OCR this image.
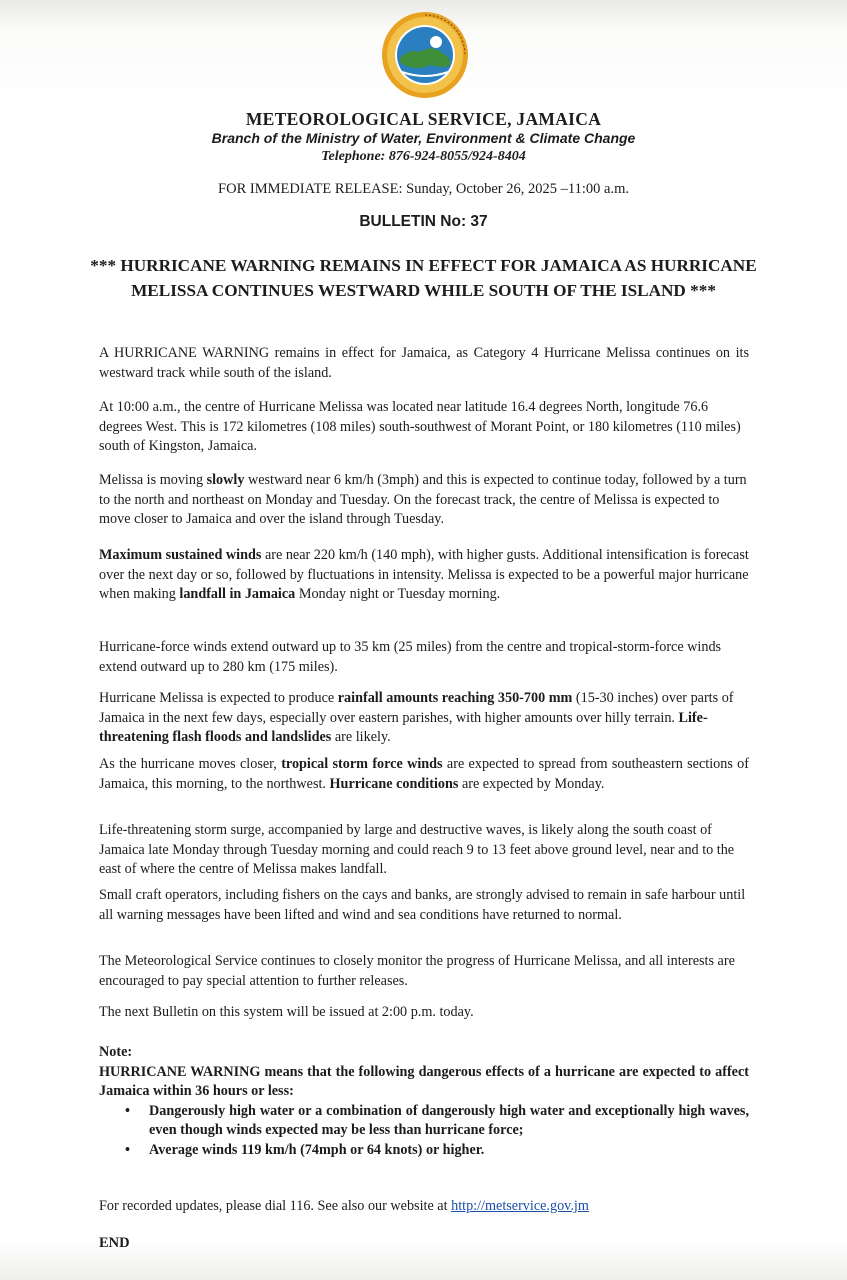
METEOROLOGICAL SERVICE, JAMAICA
Branch of the Ministry of Water, Environment & Climate Change
Telephone: 876-924-8055/924-8404
FOR IMMEDIATE RELEASE: Sunday, October 26, 2025 –11:00 a.m.
BULLETIN No: 37
*** HURRICANE WARNING REMAINS IN EFFECT FOR JAMAICA AS HURRICANE MELISSA CONTINUES WESTWARD WHILE SOUTH OF THE ISLAND ***
A HURRICANE WARNING remains in effect for Jamaica, as Category 4 Hurricane Melissa continues on its westward track while south of the island.
At 10:00 a.m., the centre of Hurricane Melissa was located near latitude 16.4 degrees North, longitude 76.6 degrees West. This is 172 kilometres (108 miles) south-southwest of Morant Point, or 180 kilometres (110 miles) south of Kingston, Jamaica.
Melissa is moving slowly westward near 6 km/h (3mph) and this is expected to continue today, followed by a turn to the north and northeast on Monday and Tuesday. On the forecast track, the centre of Melissa is expected to move closer to Jamaica and over the island through Tuesday.
Maximum sustained winds are near 220 km/h (140 mph), with higher gusts. Additional intensification is forecast over the next day or so, followed by fluctuations in intensity. Melissa is expected to be a powerful major hurricane when making landfall in Jamaica Monday night or Tuesday morning.
Hurricane-force winds extend outward up to 35 km (25 miles) from the centre and tropical-storm-force winds extend outward up to 280 km (175 miles).
Hurricane Melissa is expected to produce rainfall amounts reaching 350-700 mm (15-30 inches) over parts of Jamaica in the next few days, especially over eastern parishes, with higher amounts over hilly terrain. Life-threatening flash floods and landslides are likely.
As the hurricane moves closer, tropical storm force winds are expected to spread from southeastern sections of Jamaica, this morning, to the northwest. Hurricane conditions are expected by Monday.
Life-threatening storm surge, accompanied by large and destructive waves, is likely along the south coast of Jamaica late Monday through Tuesday morning and could reach 9 to 13 feet above ground level, near and to the east of where the centre of Melissa makes landfall.
Small craft operators, including fishers on the cays and banks, are strongly advised to remain in safe harbour until all warning messages have been lifted and wind and sea conditions have returned to normal.
The Meteorological Service continues to closely monitor the progress of Hurricane Melissa, and all interests are encouraged to pay special attention to further releases.
The next Bulletin on this system will be issued at 2:00 p.m. today.
Note:
HURRICANE WARNING means that the following dangerous effects of a hurricane are expected to affect Jamaica within 36 hours or less:
• Dangerously high water or a combination of dangerously high water and exceptionally high waves, even though winds expected may be less than hurricane force;
• Average winds 119 km/h (74mph or 64 knots) or higher.
For recorded updates, please dial 116. See also our website at http://metservice.gov.jm
END
